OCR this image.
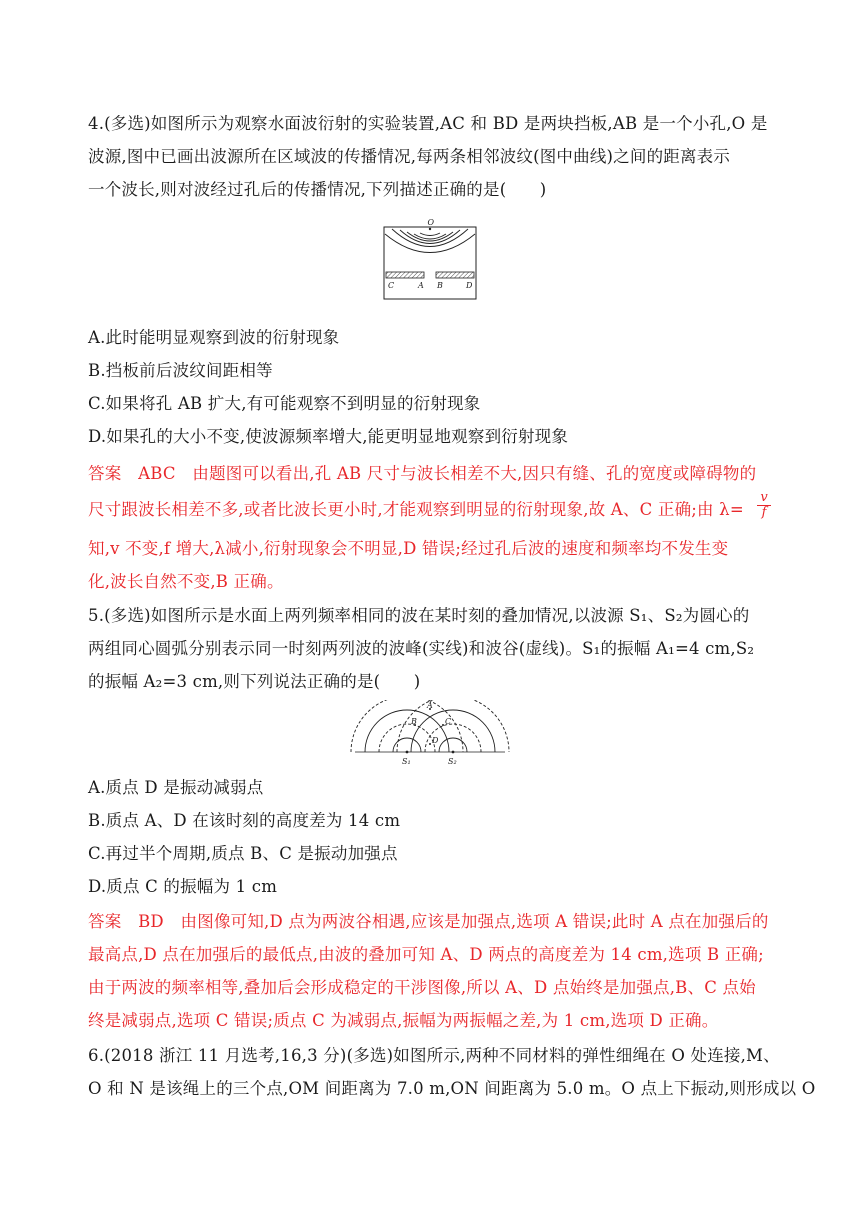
4.(多选)如图所示为观察水面波衍射的实验装置,AC 和 BD 是两块挡板,AB 是一个小孔,O 是
波源,图中已画出波源所在区域波的传播情况,每两条相邻波纹(图中曲线)之间的距离表示
一个波长,则对波经过孔后的传播情况,下列描述正确的是(　　)
O
C	A B	D
A.此时能明显观察到波的衍射现象
B.挡板前后波纹间距相等
C.如果将孔 AB 扩大,有可能观察不到明显的衍射现象
D.如果孔的大小不变,使波源频率增大,能更明显地观察到衍射现象
答案　ABC　由题图可以看出,孔 AB 尺寸与波长相差不大,因只有缝、孔的宽度或障碍物的
尺寸跟波长相差不多,或者比波长更小时,才能观察到明显的衍射现象,故 A、C 正确;由 λ=	$\frac{v}{f}$
知,v 不变,f 增大,λ减小,衍射现象会不明显,D 错误;经过孔后波的速度和频率均不发生变
化,波长自然不变,B 正确。
5.(多选)如图所示是水面上两列频率相同的波在某时刻的叠加情况,以波源 S₁、S₂为圆心的
两组同心圆弧分别表示同一时刻两列波的波峰(实线)和波谷(虚线)。S₁的振幅 A₁=4 cm,S₂
的振幅 A₂=3 cm,则下列说法正确的是(　　)
A
B	C
D
S₁	S₂
A.质点 D 是振动减弱点
B.质点 A、D 在该时刻的高度差为 14 cm
C.再过半个周期,质点 B、C 是振动加强点
D.质点 C 的振幅为 1 cm
答案　BD　由图像可知,D 点为两波谷相遇,应该是加强点,选项 A 错误;此时 A 点在加强后的
最高点,D 点在加强后的最低点,由波的叠加可知 A、D 两点的高度差为 14 cm,选项 B 正确;
由于两波的频率相等,叠加后会形成稳定的干涉图像,所以 A、D 点始终是加强点,B、C 点始
终是减弱点,选项 C 错误;质点 C 为减弱点,振幅为两振幅之差,为 1 cm,选项 D 正确。
6.(2018 浙江 11 月选考,16,3 分)(多选)如图所示,两种不同材料的弹性细绳在 O 处连接,M、
O 和 N 是该绳上的三个点,OM 间距离为 7.0 m,ON 间距离为 5.0 m。O 点上下振动,则形成以 O
